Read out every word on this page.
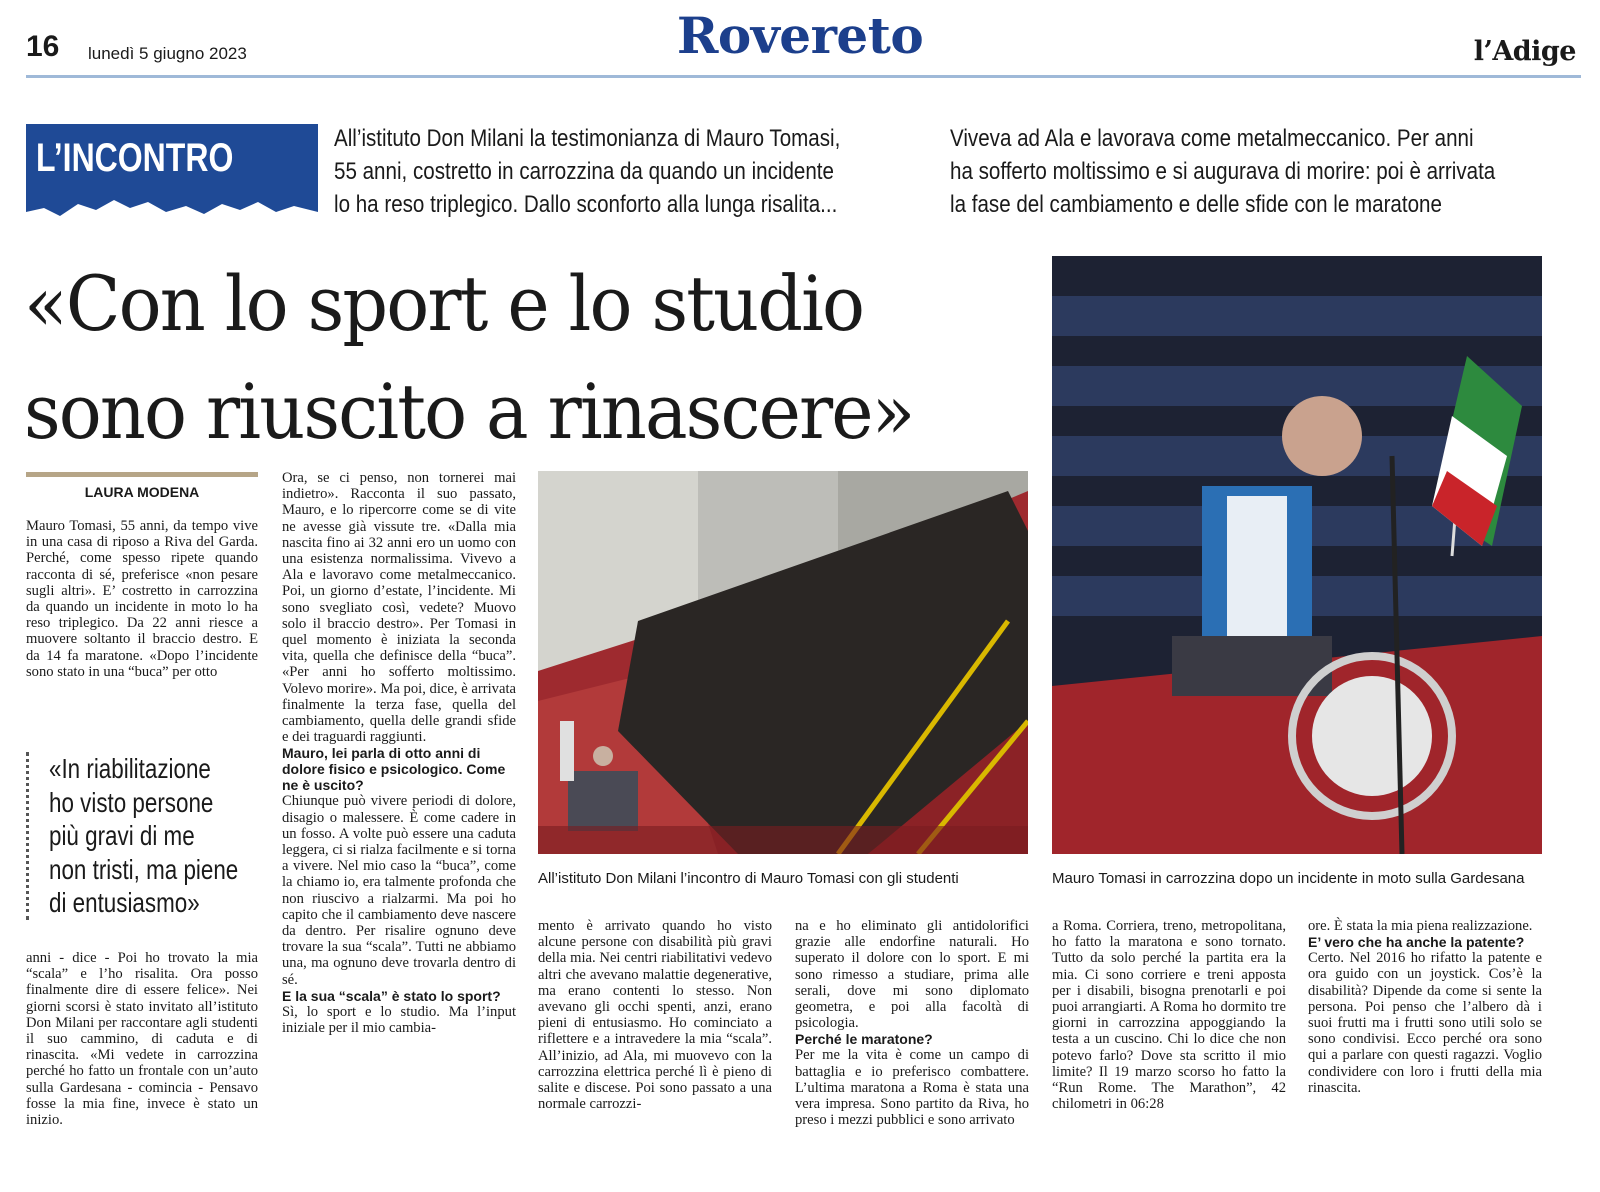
16 lunedì 5 giugno 2023	Rovereto	l’Adige
L’INCONTRO	All’istituto Don Milani la testimonianza di Mauro Tomasi,
55 anni, costretto in carrozzina da quando un incidente
lo ha reso triplegico. Dallo sconforto alla lunga risalita...
Viveva ad Ala e lavorava come metalmeccanico. Per anni
ha sofferto moltissimo e si augurava di morire: poi è arrivata
la fase del cambiamento e delle sfide con le maratone
«Con lo sport e lo studio
sono riuscito a rinascere»
LAURA MODENA

Mauro Tomasi, 55 anni, da tempo vive in una casa di riposo a Riva del Garda. Perché, come spesso ripete quando racconta di sé, preferisce «non pesare sugli altri». E’ costretto in carrozzina da quando un incidente in moto lo ha reso triplegico. Da 22 anni riesce a muovere soltanto il braccio destro. E da 14 fa maratone. «Dopo l’incidente sono stato in una “buca” per otto

«In riabilitazione
ho visto persone
più gravi di me
non tristi, ma piene
di entusiasmo»

anni - dice - Poi ho trovato la mia “scala” e l’ho risalita. Ora posso finalmente dire di essere felice». Nei giorni scorsi è stato invitato all’istituto Don Milani per raccontare agli studenti il suo cammino, di caduta e di rinascita. «Mi vedete in carrozzina perché ho fatto un frontale con un’auto sulla Gardesana - comincia - Pensavo fosse la mia fine, invece è stato un inizio.

Ora, se ci penso, non tornerei mai indietro». Racconta il suo passato, Mauro, e lo ripercorre come se di vite ne avesse già vissute tre. «Dalla mia nascita fino ai 32 anni ero un uomo con una esistenza normalissima. Vivevo a Ala e lavoravo come metalmeccanico. Poi, un giorno d’estate, l’incidente. Mi sono svegliato così, vedete? Muovo solo il braccio destro». Per Tomasi in quel momento è iniziata la seconda vita, quella che definisce della “buca”. «Per anni ho sofferto moltissimo. Volevo morire». Ma poi, dice, è arrivata finalmente la terza fase, quella del cambiamento, quella delle grandi sfide e dei traguardi raggiunti.

Mauro, lei parla di otto anni di dolore fisico e psicologico. Come ne è uscito?

Chiunque può vivere periodi di dolore, disagio o malessere. È come cadere in un fosso. A volte può essere una caduta leggera, ci si rialza facilmente e si torna a vivere. Nel mio caso la “buca”, come la chiamo io, era talmente profonda che non riuscivo a rialzarmi. Ma poi ho capito che il cambiamento deve nascere da dentro. Per risalire ognuno deve trovare la sua “scala”. Tutti ne abbiamo una, ma ognuno deve trovarla dentro di sé.

E la sua “scala” è stato lo sport?

Sì, lo sport e lo studio. Ma l’input iniziale per il mio cambia-

All’istituto Don Milani l’incontro di Mauro Tomasi con gli studenti	Mauro Tomasi in carrozzina dopo un incidente in moto sulla Gardesana

mento è arrivato quando ho visto alcune persone con disabilità più gravi della mia. Nei centri riabilitativi vedevo altri che avevano malattie degenerative, ma erano contenti lo stesso. Non avevano gli occhi spenti, anzi, erano pieni di entusiasmo. Ho cominciato a riflettere e a intravedere la mia “scala”. All’inizio, ad Ala, mi muovevo con la carrozzina elettrica perché lì è pieno di salite e discese. Poi sono passato a una normale carrozzi-

na e ho eliminato gli antidolorifici grazie alle endorfine naturali. Ho superato il dolore con lo sport. E mi sono rimesso a studiare, prima alle serali, dove mi sono diplomato geometra, e poi alla facoltà di psicologia.

Perché le maratone?

Per me la vita è come un campo di battaglia e io preferisco combattere. L’ultima maratona a Roma è stata una vera impresa. Sono partito da Riva, ho preso i mezzi pubblici e sono arrivato

a Roma. Corriera, treno, metropolitana, ho fatto la maratona e sono tornato. Tutto da solo perché la partita era la mia. Ci sono corriere e treni apposta per i disabili, bisogna prenotarli e poi puoi arrangiarti. A Roma ho dormito tre giorni in carrozzina appoggiando la testa a un cuscino. Chi lo dice che non potevo farlo? Dove sta scritto il mio limite? Il 19 marzo scorso ho fatto la “Run Rome. The Marathon”, 42 chilometri in 06:28

ore. È stata la mia piena realizzazione.

E’ vero che ha anche la patente?

Certo. Nel 2016 ho rifatto la patente e ora guido con un joystick. Cos’è la disabilità? Dipende da come si sente la persona. Poi penso che l’albero dà i suoi frutti ma i frutti sono utili solo se sono condivisi. Ecco perché ora sono qui a parlare con questi ragazzi. Voglio condividere con loro i frutti della mia rinascita.
